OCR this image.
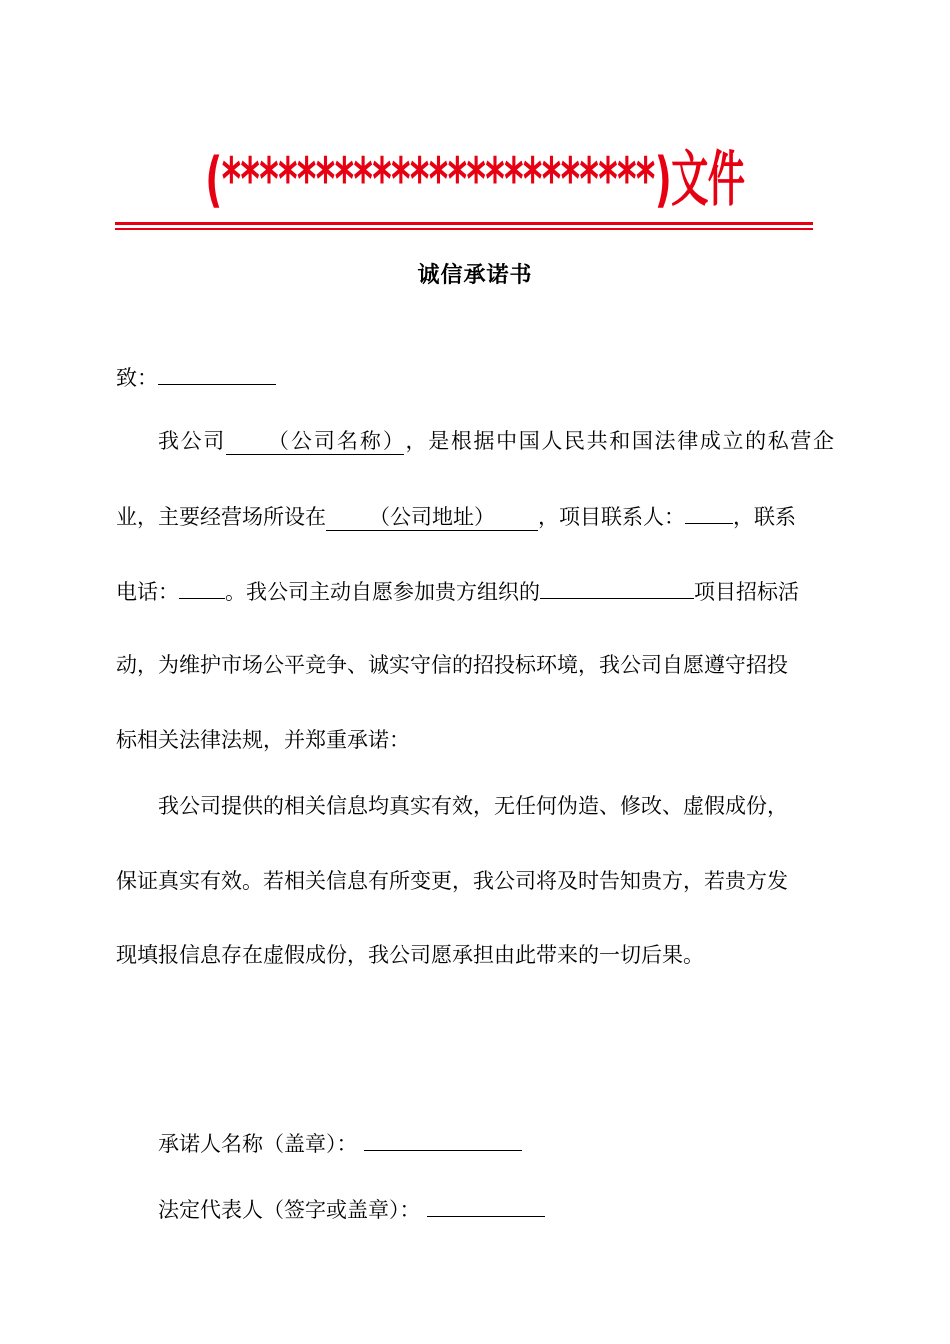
(***********************)文件
诚信承诺书
致：
我公司 （公司名称），是根据中国人民共和国法律成立的私营企
业，主要经营场所设在 （公司地址） ，项目联系人： ，联系
电话： 。我公司主动自愿参加贵方组织的	项目招标活
动，为维护市场公平竞争、诚实守信的招投标环境，我公司自愿遵守招投
标相关法律法规，并郑重承诺：
我公司提供的相关信息均真实有效，无任何伪造、修改、虚假成份，
保证真实有效。若相关信息有所变更，我公司将及时告知贵方，若贵方发
现填报信息存在虚假成份，我公司愿承担由此带来的一切后果。
承诺人名称（盖章）：
法定代表人（签字或盖章）：
